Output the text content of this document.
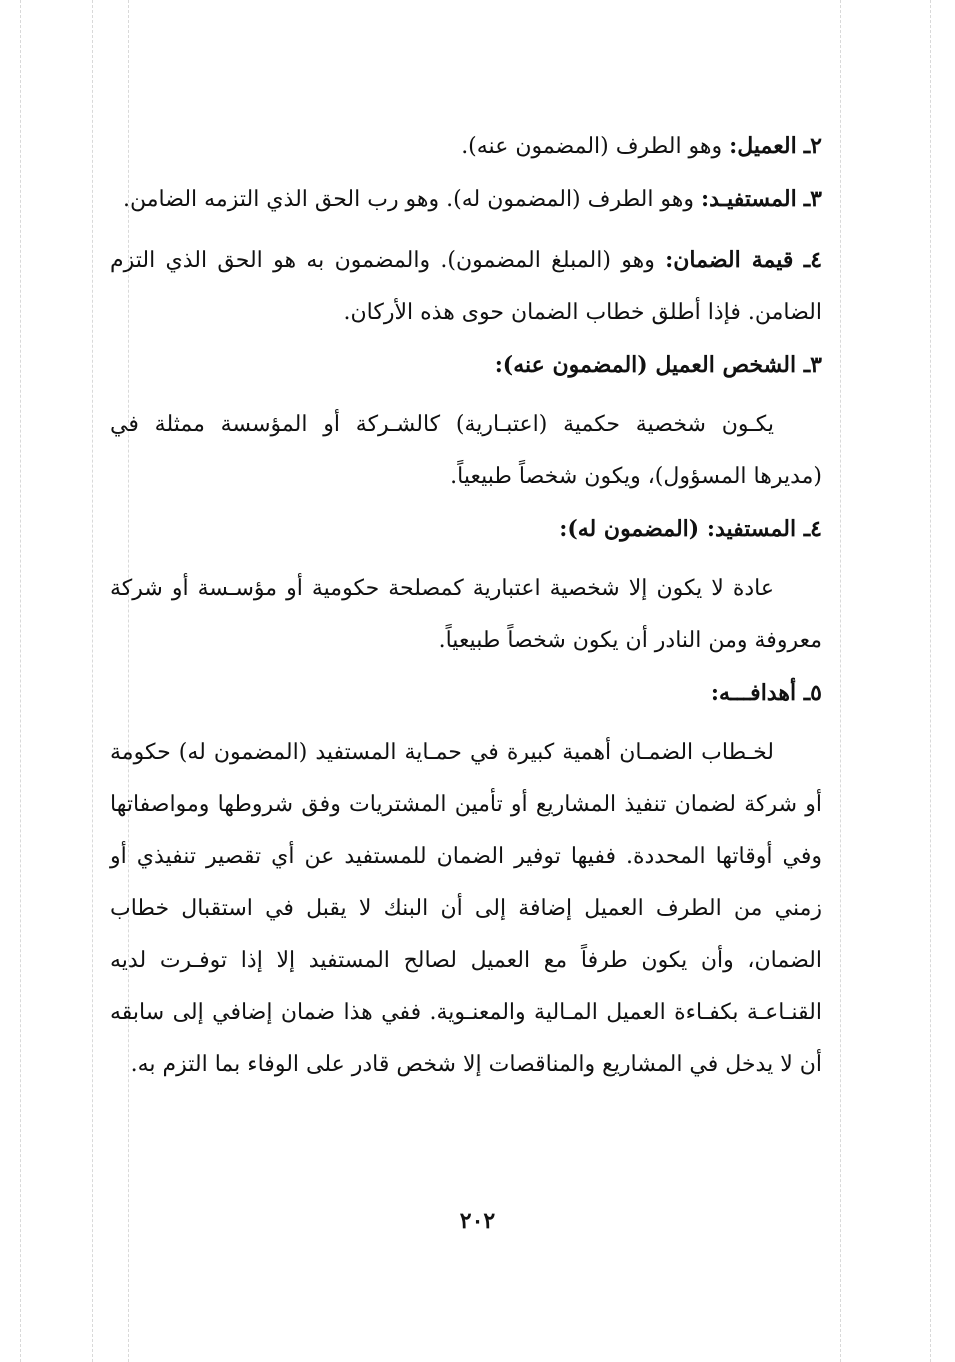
٢ـ العميل: وهو الطرف (المضمون عنه).

٣ـ المستفيـد: وهو الطرف (المضمون له). وهو رب الحق الذي التزمه الضامن.

٤ـ قيمة الضمان: وهو (المبلغ المضمون). والمضمون به هو الحق الذي التزم الضامن. فإذا أطلق خطاب الضمان حوى هذه الأركان.

٣ـ الشخص العميل (المضمون عنه):

يكـون شخصية حكمية (اعتبـارية) كالشـركة أو المؤسسة ممثلة في (مديرها المسؤول)، ويكون شخصاً طبيعياً.

٤ـ المستفيد: (المضمون له):

عادة لا يكون إلا شخصية اعتبارية كمصلحة حكومية أو مؤسـسة أو شركة معروفة ومن النادر أن يكون شخصاً طبيعياً.

٥ـ أهدافـــه:

لخـطاب الضمـان أهمية كبيرة في حمـاية المستفيد (المضمون له) حكومة أو شركة لضمان تنفيذ المشاريع أو تأمين المشتريات وفق شروطها ومواصفاتها وفي أوقاتها المحددة. ففيها توفير الضمان للمستفيد عن أي تقصير تنفيذي أو زمني من الطرف العميل إضافة إلى أن البنك لا يقبل في استقبال خطاب الضمان، وأن يكون طرفاً مع العميل لصالح المستفيد إلا إذا توفـرت لديه القنـاعـة بكفـاءة العميل المـالية والمعنـوية. ففي هذا ضمان إضافي إلى سابقه أن لا يدخل في المشاريع والمناقصات إلا شخص قادر على الوفاء بما التزم به.

٢٠٢
